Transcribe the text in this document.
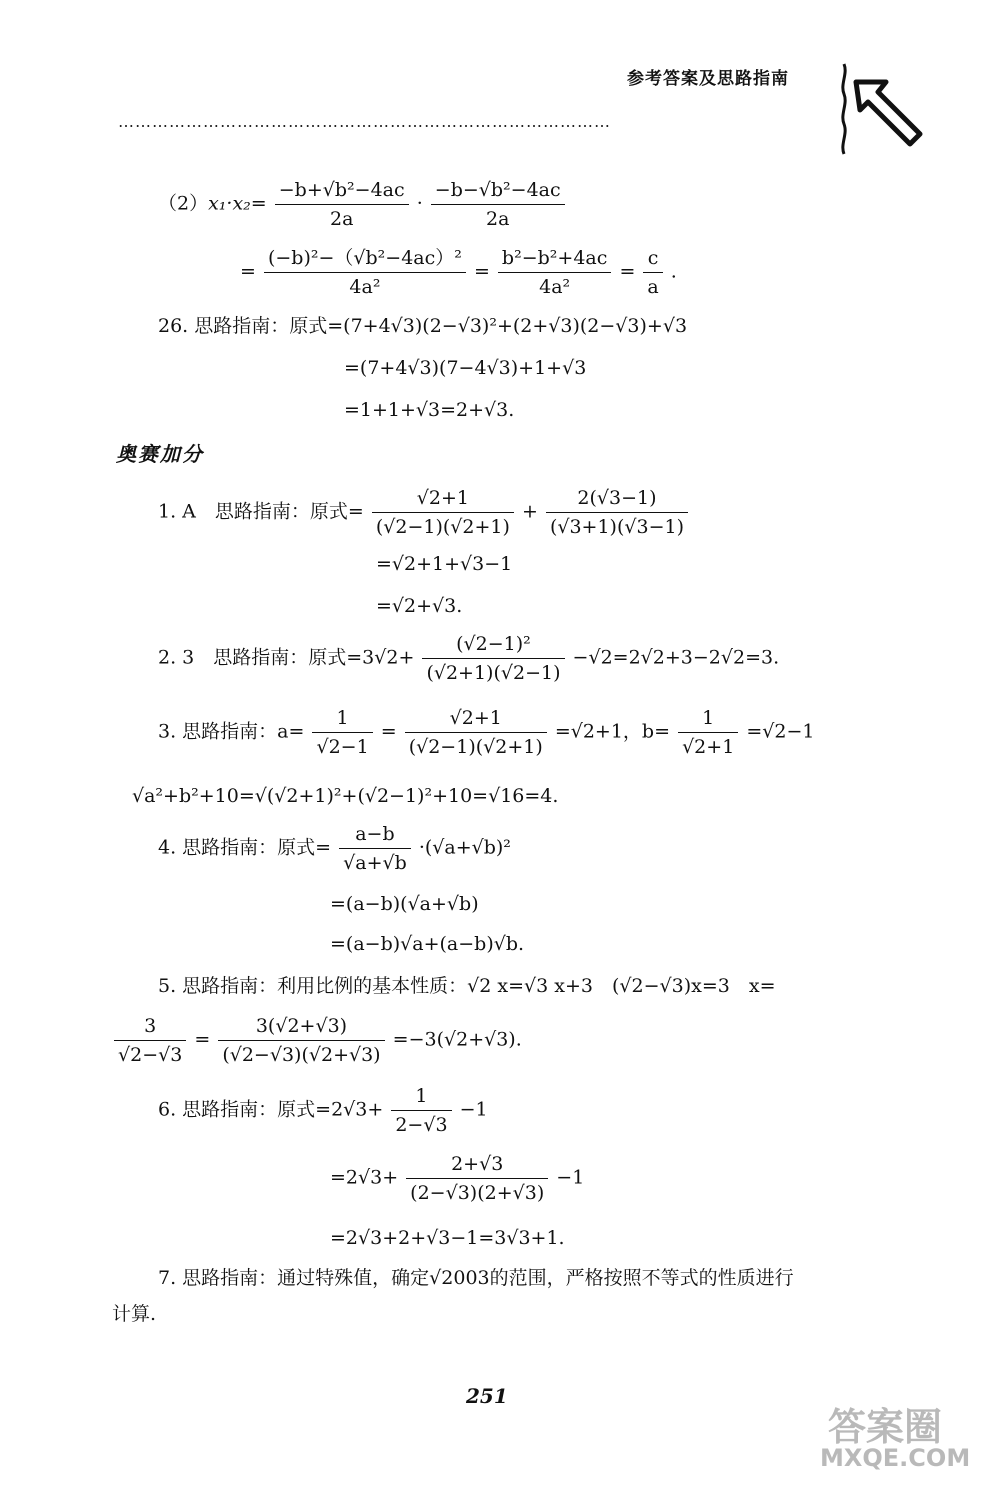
参考答案及思路指南
……………………………………………………………………………
$(2)x_1\cdot x_2= \frac{\text{−b+√b²−4ac}}{2a} \cdot \frac{\text{−b−√b²−4ac}}{2a}$
= $\frac{\text{(−b)²−（√b²−4ac）²}}{\text{4a²}} = \frac{\text{b²−b²+4ac}}{\text{4a²}} = \frac{c}{a}$ .
26. 思路指南：原式=(7+4√3)(2−√3)²+(2+√3)(2−√3)+√3
=(7+4√3)(7−4√3)+1+√3
=1+1+√3=2+√3.
奥赛加分
1. A　思路指南：原式= $\frac{√2+1}{(√2-1)(√2+1)} + \frac{2(√3-1)}{(√3+1)(√3-1)}$
=√2+1+√3−1
=√2+√3.
2. 3　思路指南：原式$=3√2+ \frac{\text{(√2−1)²}}{(√2+1)(√2-1)} -√2=2√2+3-2√2=3$.
3. 思路指南：$a= \frac{1}{√2-1} = \frac{√2+1}{(√2-1)(√2+1)} =√2+1$，$b= \frac{1}{√2+1} =√2-1$
√a²+b²+10=√(√2+1)²+(√2−1)²+10=√16=4.
4. 思路指南：原式= $\frac{a-b}{√a+√b} \cdot(√a+√b)^2$
=(a−b)(√a+√b)
=(a−b)√a+(a−b)√b.
5. 思路指南：利用比例的基本性质：√2 x=√3 x+3　(√2−√3)x=3　x=
$\frac{3}{√2-√3} = \frac{3(√2+√3)}{(√2-√3)(√2+√3)} =-3(√2+√3)$.
6. 思路指南：原式$=2√3+ \frac{1}{2-√3} -1$
$=2√3+ \frac{2+√3}{(2-√3)(2+√3)} -1$
=2√3+2+√3−1=3√3+1.
7. 思路指南：通过特殊值，确定√2003的范围，严格按照不等式的性质进行
计算.
251
答案圈
MXQE.COM
